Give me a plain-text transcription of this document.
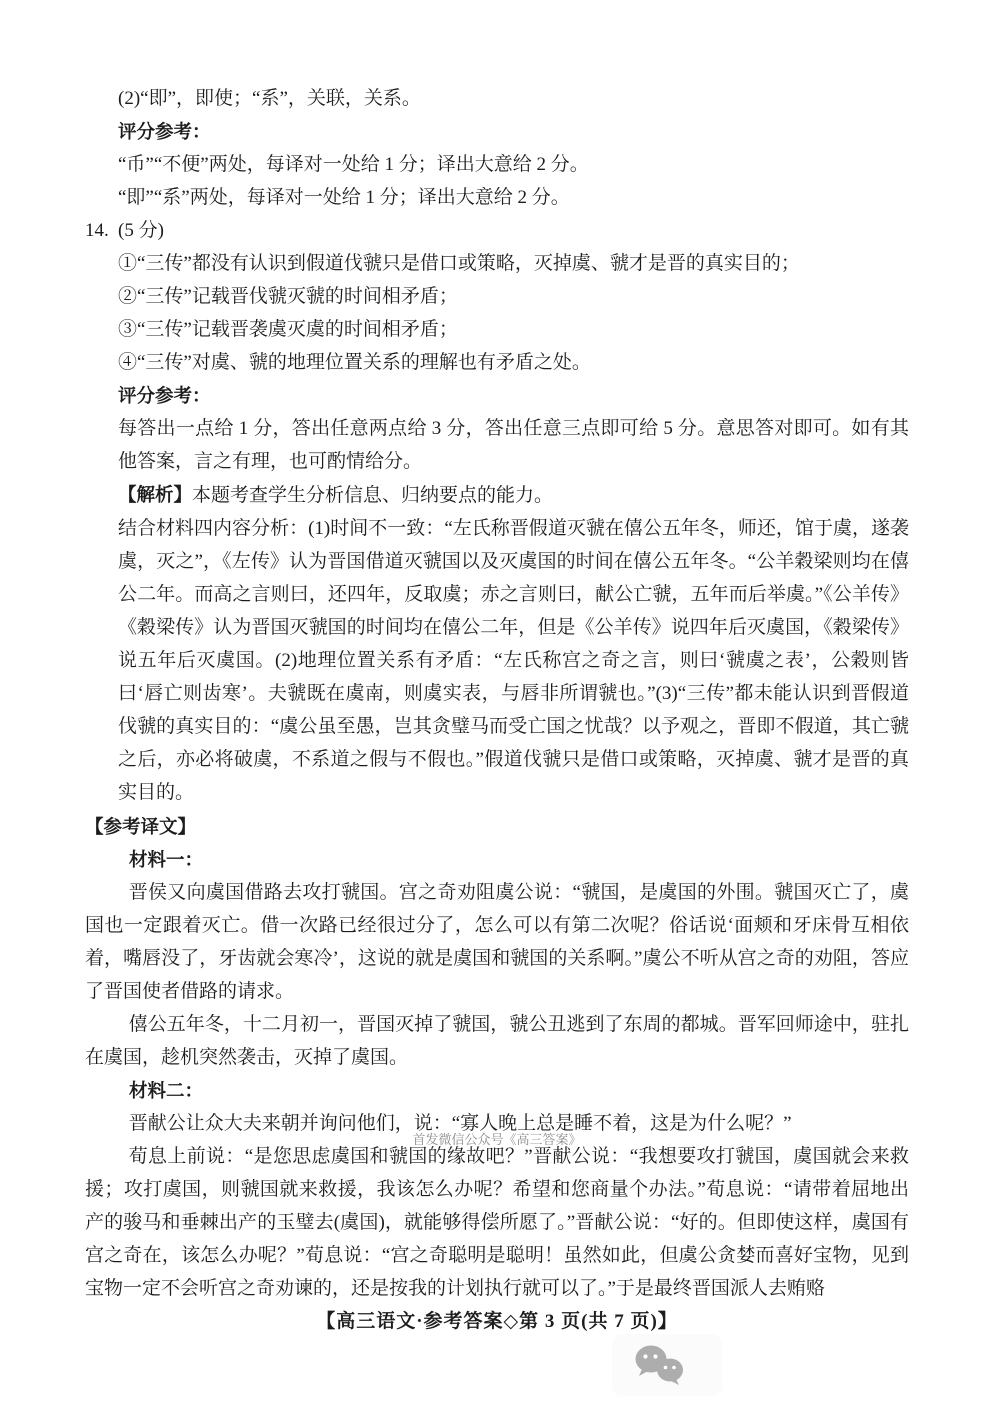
(2)“即”，即使；“系”，关联，关系。

评分参考：

“币”“不便”两处，每译对一处给 1 分；译出大意给 2 分。

“即”“系”两处，每译对一处给 1 分；译出大意给 2 分。

14. (5 分)

①“三传”都没有认识到假道伐虢只是借口或策略，灭掉虞、虢才是晋的真实目的；

②“三传”记载晋伐虢灭虢的时间相矛盾；

③“三传”记载晋袭虞灭虞的时间相矛盾；

④“三传”对虞、虢的地理位置关系的理解也有矛盾之处。

评分参考：

每答出一点给 1 分，答出任意两点给 3 分，答出任意三点即可给 5 分。意思答对即可。如有其他答案，言之有理，也可酌情给分。

【解析】本题考查学生分析信息、归纳要点的能力。

结合材料四内容分析：(1)时间不一致：“左氏称晋假道灭虢在僖公五年冬，师还，馆于虞，遂袭虞，灭之”，《左传》认为晋国借道灭虢国以及灭虞国的时间在僖公五年冬。“公羊穀梁则均在僖公二年。而高之言则曰，还四年，反取虞；赤之言则曰，献公亡虢，五年而后举虞。”《公羊传》《穀梁传》认为晋国灭虢国的时间均在僖公二年，但是《公羊传》说四年后灭虞国，《穀梁传》说五年后灭虞国。(2)地理位置关系有矛盾：“左氏称宫之奇之言，则曰‘虢虞之表’，公穀则皆曰‘唇亡则齿寒’。夫虢既在虞南，则虞实表，与唇非所谓虢也。”(3)“三传”都未能认识到晋假道伐虢的真实目的：“虞公虽至愚，岂其贪璧马而受亡国之忧哉？以予观之，晋即不假道，其亡虢之后，亦必将破虞，不系道之假与不假也。”假道伐虢只是借口或策略，灭掉虞、虢才是晋的真实目的。

【参考译文】

材料一：

晋侯又向虞国借路去攻打虢国。宫之奇劝阻虞公说：“虢国，是虞国的外围。虢国灭亡了，虞国也一定跟着灭亡。借一次路已经很过分了，怎么可以有第二次呢？俗话说‘面颊和牙床骨互相依着，嘴唇没了，牙齿就会寒冷’，这说的就是虞国和虢国的关系啊。”虞公不听从宫之奇的劝阻，答应了晋国使者借路的请求。

僖公五年冬，十二月初一，晋国灭掉了虢国，虢公丑逃到了东周的都城。晋军回师途中，驻扎在虞国，趁机突然袭击，灭掉了虞国。

材料二：

晋献公让众大夫来朝并询问他们，说：“寡人晚上总是睡不着，这是为什么呢？”

首发微信公众号《高三答案》

荀息上前说：“是您思虑虞国和虢国的缘故吧？”晋献公说：“我想要攻打虢国，虞国就会来救援；攻打虞国，则虢国就来救援，我该怎么办呢？希望和您商量个办法。”荀息说：“请带着屈地出产的骏马和垂棘出产的玉璧去(虞国)，就能够得偿所愿了。”晋献公说：“好的。但即使这样，虞国有宫之奇在，该怎么办呢？”荀息说：“宫之奇聪明是聪明！虽然如此，但虞公贪婪而喜好宝物，见到宝物一定不会听宫之奇劝谏的，还是按我的计划执行就可以了。”于是最终晋国派人去贿赂

【高三语文·参考答案◇第 3 页(共 7 页)】
